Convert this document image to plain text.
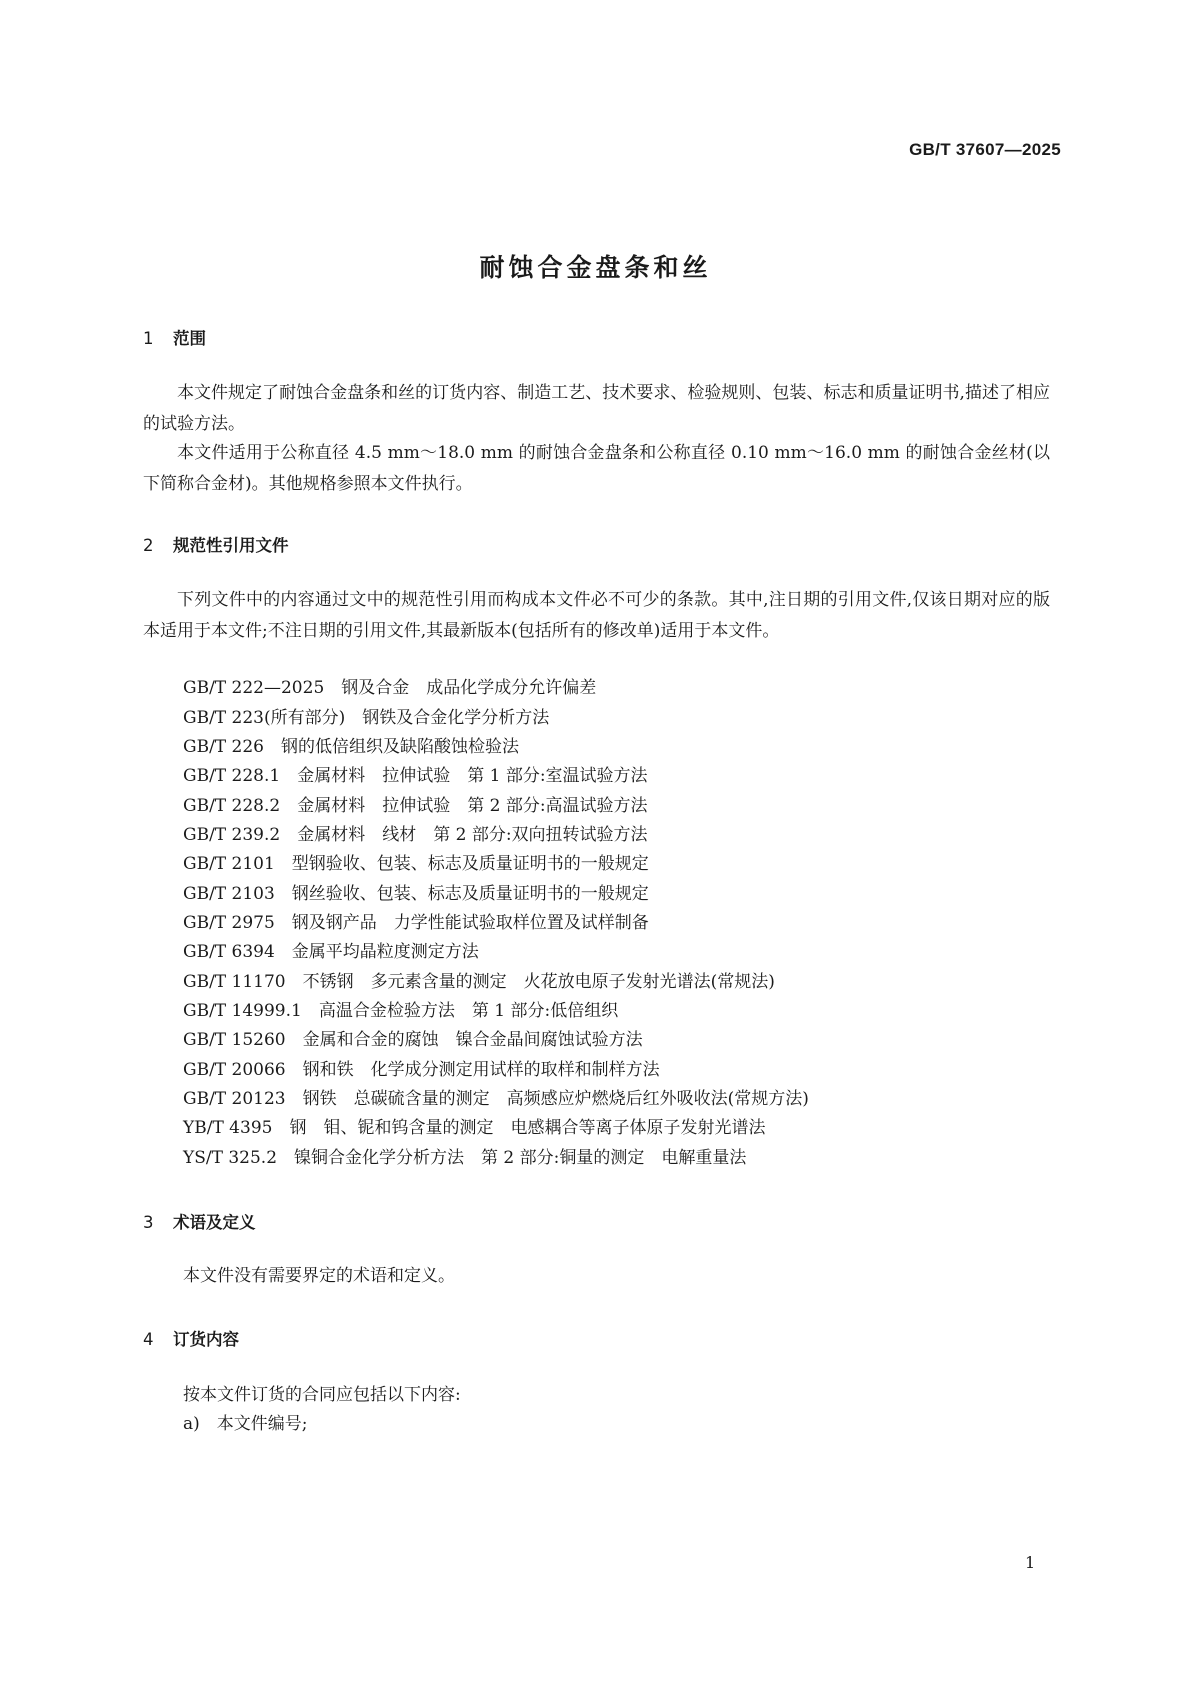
GB/T 37607—2025
耐蚀合金盘条和丝
1 范围
本文件规定了耐蚀合金盘条和丝的订货内容、制造工艺、技术要求、检验规则、包装、标志和质量证明书,描述了相应的试验方法。
本文件适用于公称直径 4.5 mm～18.0 mm 的耐蚀合金盘条和公称直径 0.10 mm～16.0 mm 的耐蚀合金丝材(以下简称合金材)。其他规格参照本文件执行。
2 规范性引用文件
下列文件中的内容通过文中的规范性引用而构成本文件必不可少的条款。其中,注日期的引用文件,仅该日期对应的版本适用于本文件;不注日期的引用文件,其最新版本(包括所有的修改单)适用于本文件。
GB/T 222—2025　钢及合金　成品化学成分允许偏差
GB/T 223(所有部分)　钢铁及合金化学分析方法
GB/T 226　钢的低倍组织及缺陷酸蚀检验法
GB/T 228.1　金属材料　拉伸试验　第 1 部分:室温试验方法
GB/T 228.2　金属材料　拉伸试验　第 2 部分:高温试验方法
GB/T 239.2　金属材料　线材　第 2 部分:双向扭转试验方法
GB/T 2101　型钢验收、包装、标志及质量证明书的一般规定
GB/T 2103　钢丝验收、包装、标志及质量证明书的一般规定
GB/T 2975　钢及钢产品　力学性能试验取样位置及试样制备
GB/T 6394　金属平均晶粒度测定方法
GB/T 11170　不锈钢　多元素含量的测定　火花放电原子发射光谱法(常规法)
GB/T 14999.1　高温合金检验方法　第 1 部分:低倍组织
GB/T 15260　金属和合金的腐蚀　镍合金晶间腐蚀试验方法
GB/T 20066　钢和铁　化学成分测定用试样的取样和制样方法
GB/T 20123　钢铁　总碳硫含量的测定　高频感应炉燃烧后红外吸收法(常规方法)
YB/T 4395　钢　钼、铌和钨含量的测定　电感耦合等离子体原子发射光谱法
YS/T 325.2　镍铜合金化学分析方法　第 2 部分:铜量的测定　电解重量法
3 术语及定义
本文件没有需要界定的术语和定义。
4 订货内容
按本文件订货的合同应包括以下内容:
a)　本文件编号;
1
